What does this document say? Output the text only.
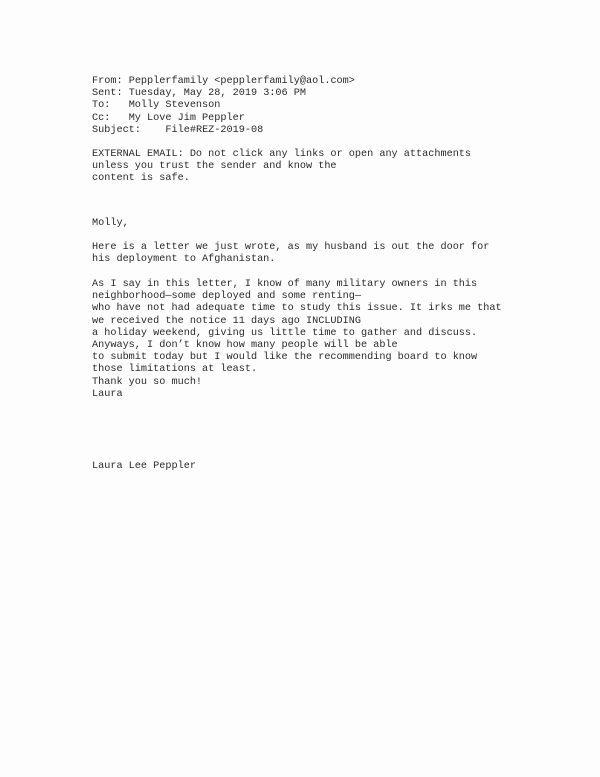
From: Pepplerfamily <pepplerfamily@aol.com>
Sent: Tuesday, May 28, 2019 3:06 PM
To: Molly Stevenson
Cc: My Love Jim Peppler
Subject: File#REZ-2019-08
EXTERNAL EMAIL: Do not click any links or open any attachments
unless you trust the sender and know the
content is safe.
Molly,
Here is a letter we just wrote, as my husband is out the door for
his deployment to Afghanistan.
As I say in this letter, I know of many military owners in this
neighborhood—some deployed and some renting—
who have not had adequate time to study this issue. It irks me that
we received the notice 11 days ago INCLUDING
a holiday weekend, giving us little time to gather and discuss.
Anyways, I don’t know how many people will be able
to submit today but I would like the recommending board to know
those limitations at least.
Thank you so much!
Laura
Laura Lee Peppler
